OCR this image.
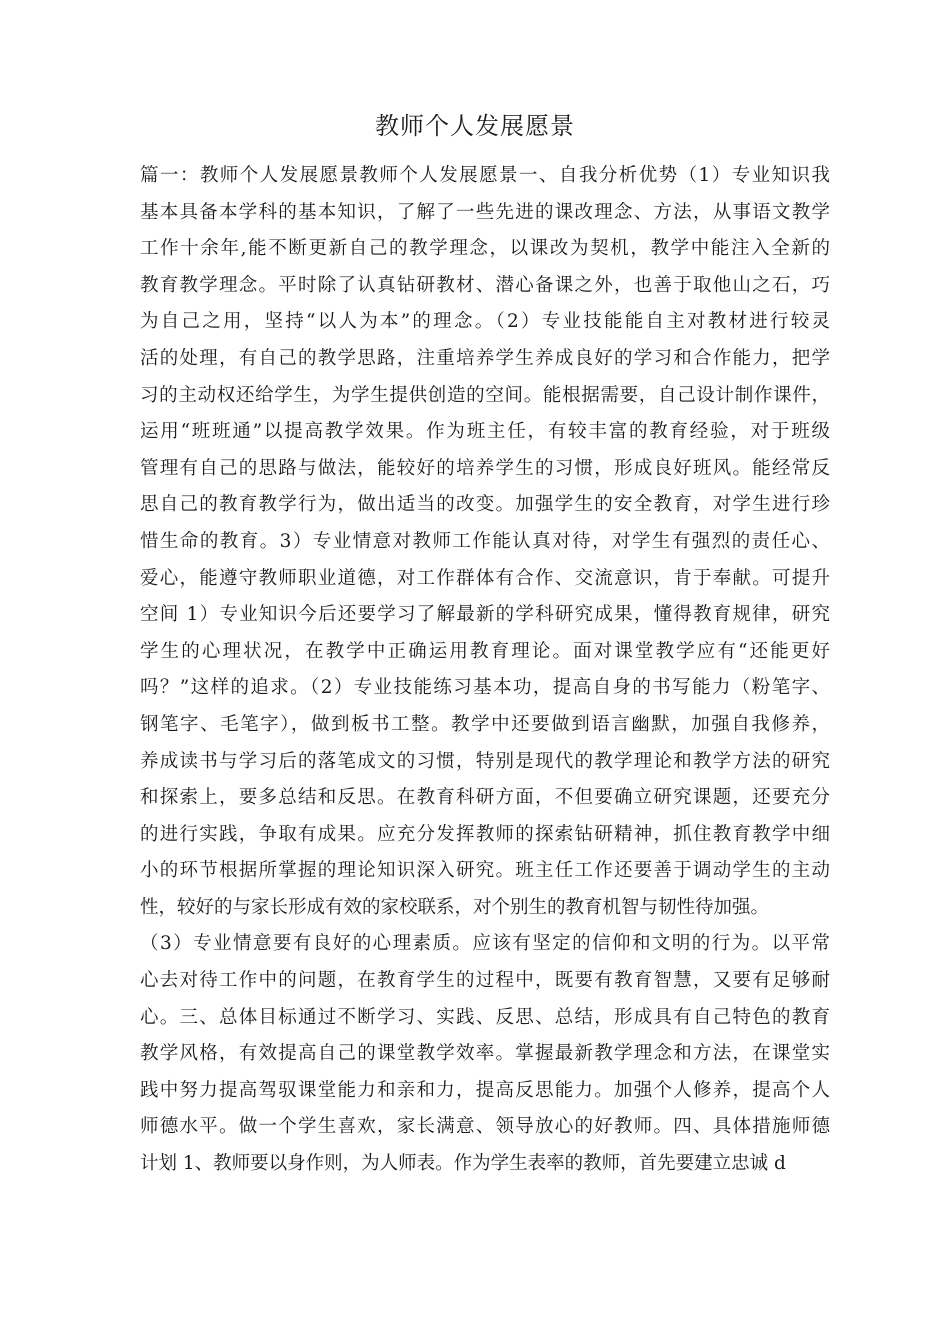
教师个人发展愿景
篇一：教师个人发展愿景教师个人发展愿景一、自我分析优势（1）专业知识我
基本具备本学科的基本知识，了解了一些先进的课改理念、方法，从事语文教学
工作十余年,能不断更新自己的教学理念，以课改为契机，教学中能注入全新的
教育教学理念。平时除了认真钻研教材、潜心备课之外，也善于取他山之石，巧
为自己之用，坚持“以人为本”的理念。（2）专业技能能自主对教材进行较灵
活的处理，有自己的教学思路，注重培养学生养成良好的学习和合作能力，把学
习的主动权还给学生，为学生提供创造的空间。能根据需要，自己设计制作课件，
运用“班班通”以提高教学效果。作为班主任，有较丰富的教育经验，对于班级
管理有自己的思路与做法，能较好的培养学生的习惯，形成良好班风。能经常反
思自己的教育教学行为，做出适当的改变。加强学生的安全教育，对学生进行珍
惜生命的教育。3）专业情意对教师工作能认真对待，对学生有强烈的责任心、
爱心，能遵守教师职业道德，对工作群体有合作、交流意识，肯于奉献。可提升
空间 1）专业知识今后还要学习了解最新的学科研究成果，懂得教育规律，研究
学生的心理状况，在教学中正确运用教育理论。面对课堂教学应有“还能更好
吗？”这样的追求。（2）专业技能练习基本功，提高自身的书写能力（粉笔字、
钢笔字、毛笔字），做到板书工整。教学中还要做到语言幽默，加强自我修养，
养成读书与学习后的落笔成文的习惯，特别是现代的教学理论和教学方法的研究
和探索上，要多总结和反思。在教育科研方面，不但要确立研究课题，还要充分
的进行实践，争取有成果。应充分发挥教师的探索钻研精神，抓住教育教学中细
小的环节根据所掌握的理论知识深入研究。班主任工作还要善于调动学生的主动
性，较好的与家长形成有效的家校联系，对个别生的教育机智与韧性待加强。
（3）专业情意要有良好的心理素质。应该有坚定的信仰和文明的行为。以平常
心去对待工作中的问题，在教育学生的过程中，既要有教育智慧，又要有足够耐
心。三、总体目标通过不断学习、实践、反思、总结，形成具有自己特色的教育
教学风格，有效提高自己的课堂教学效率。掌握最新教学理念和方法，在课堂实
践中努力提高驾驭课堂能力和亲和力，提高反思能力。加强个人修养，提高个人
师德水平。做一个学生喜欢，家长满意、领导放心的好教师。四、具体措施师德
计划 1、教师要以身作则，为人师表。作为学生表率的教师，首先要建立忠诚 d
